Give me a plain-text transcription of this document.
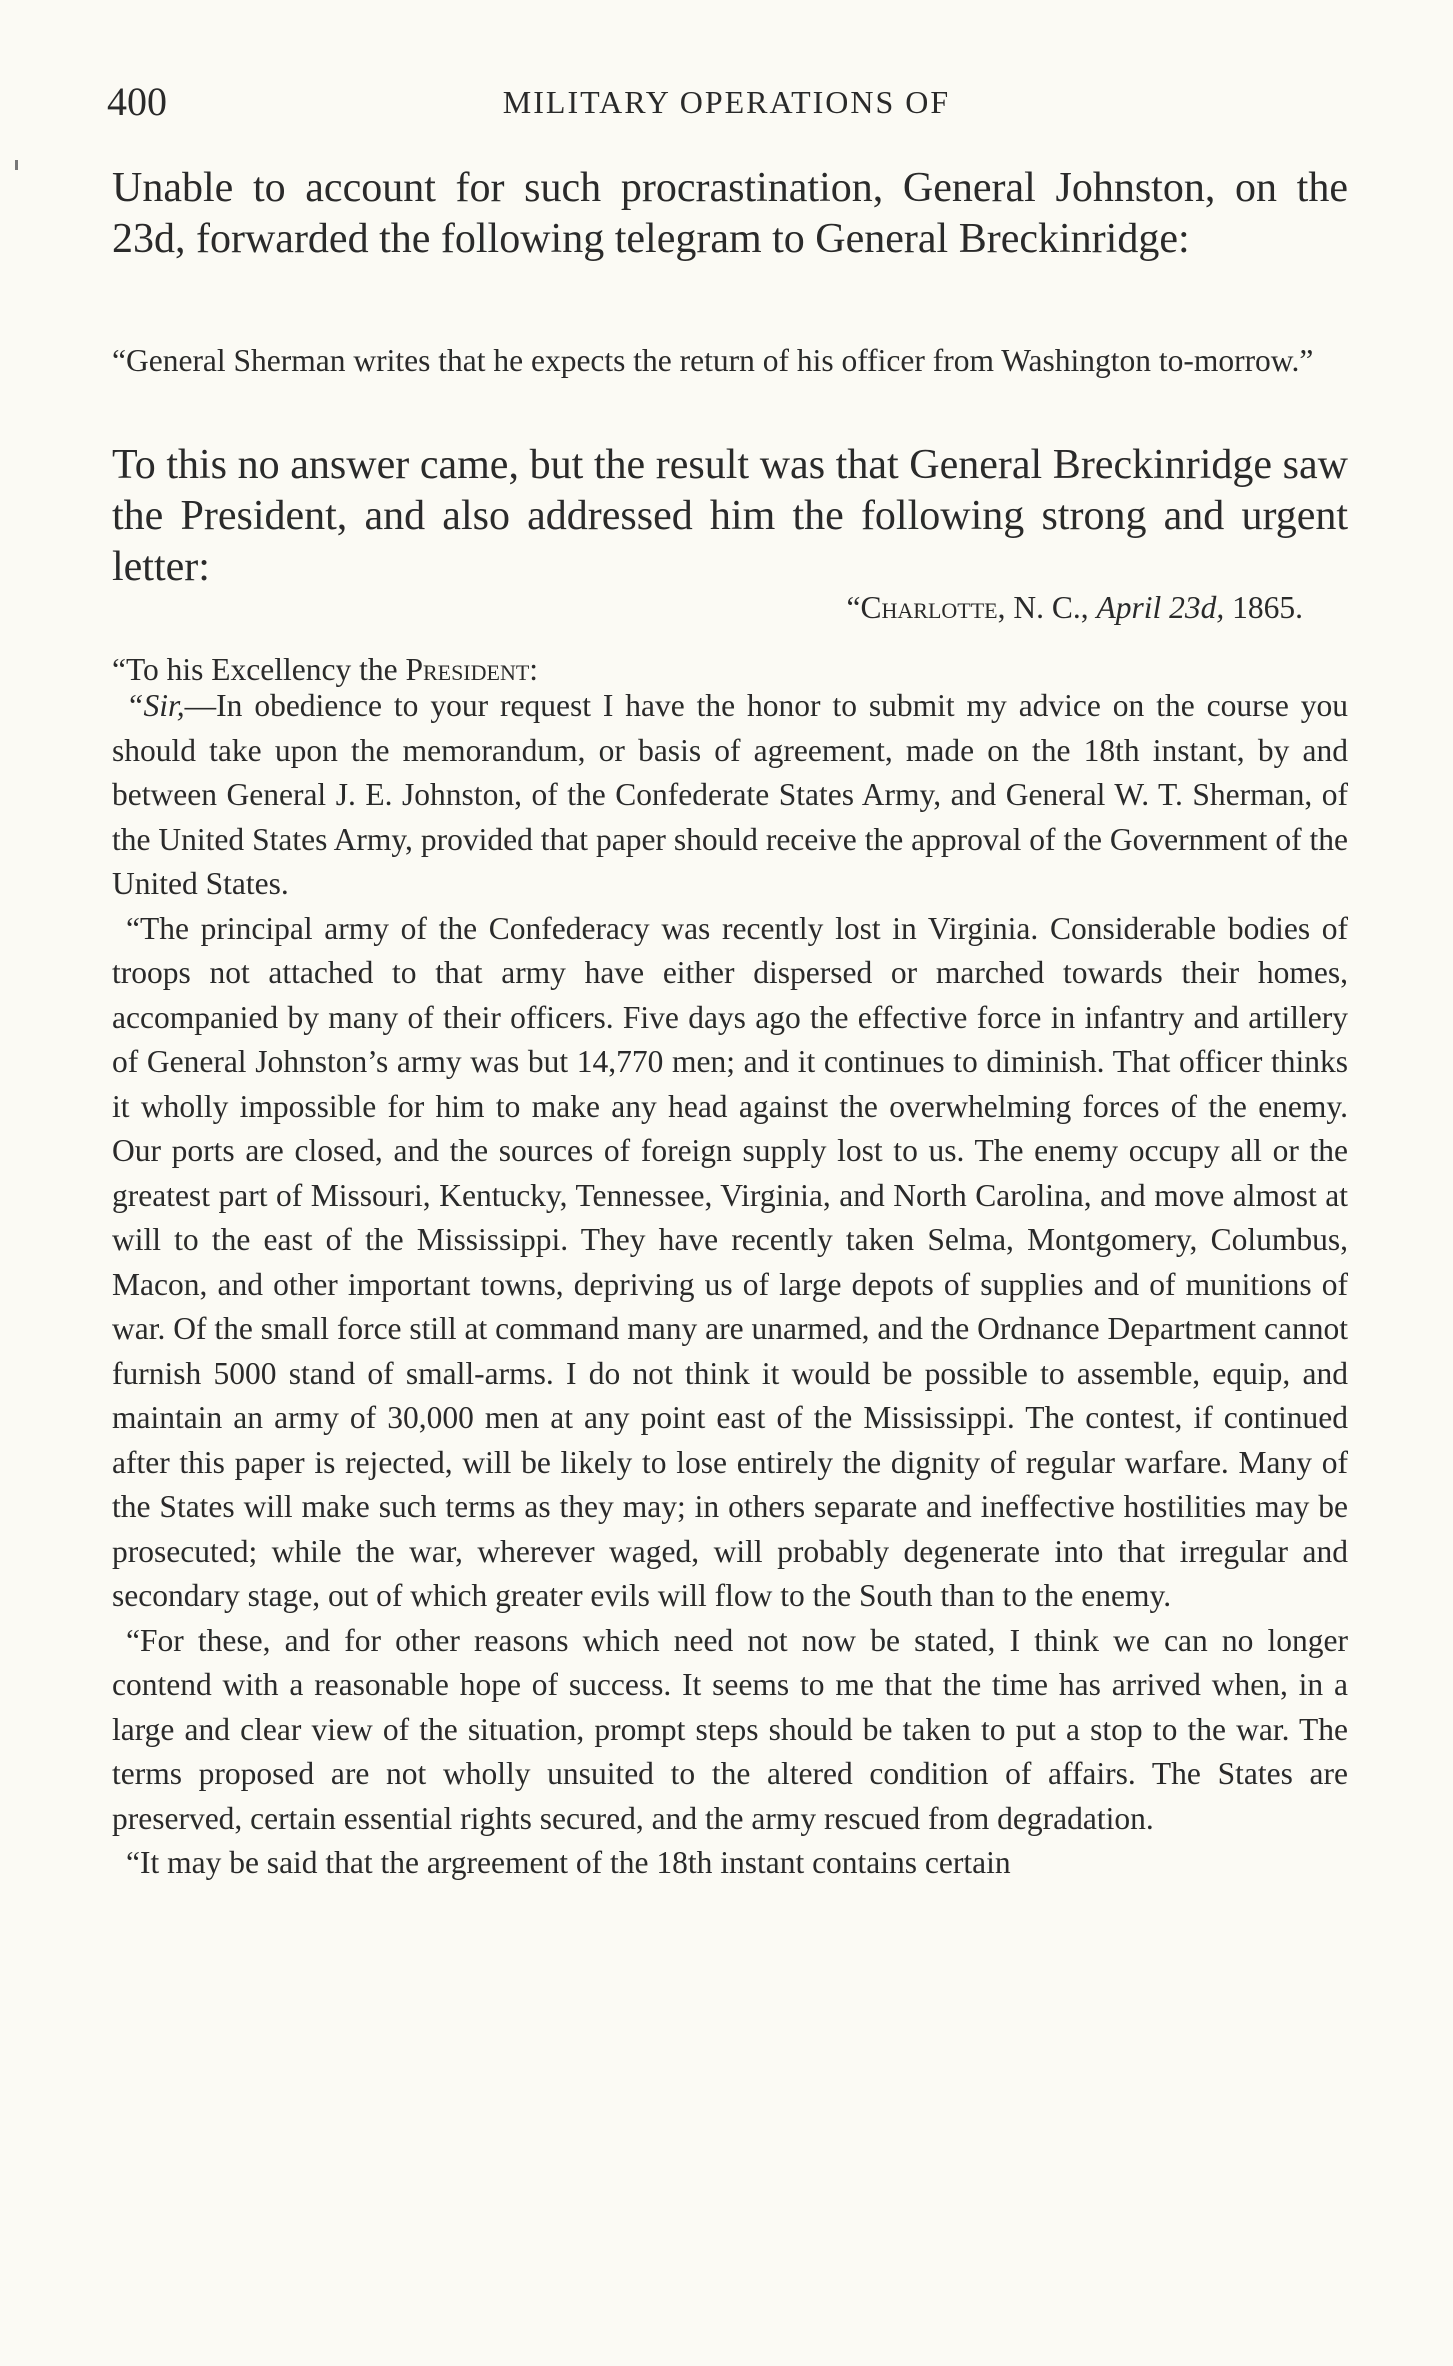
400	MILITARY OPERATIONS OF
Unable to account for such procrastination, General Johnston, on the 23d, forwarded the following telegram to General Breckinridge:
“General Sherman writes that he expects the return of his officer from Washington to-morrow.”
To this no answer came, but the result was that General Breckinridge saw the President, and also addressed him the following strong and urgent letter:
“Charlotte, N. C., April 23d, 1865.
“To his Excellency the President:

“Sir,—In obedience to your request I have the honor to submit my advice on the course you should take upon the memorandum, or basis of agreement, made on the 18th instant, by and between General J. E. Johnston, of the Confederate States Army, and General W. T. Sherman, of the United States Army, provided that paper should receive the approval of the Government of the United States.

“The principal army of the Confederacy was recently lost in Virginia. Considerable bodies of troops not attached to that army have either dispersed or marched towards their homes, accompanied by many of their officers. Five days ago the effective force in infantry and artillery of General Johnston’s army was but 14,770 men; and it continues to diminish. That officer thinks it wholly impossible for him to make any head against the overwhelming forces of the enemy. Our ports are closed, and the sources of foreign supply lost to us. The enemy occupy all or the greatest part of Missouri, Kentucky, Tennessee, Virginia, and North Carolina, and move almost at will to the east of the Mississippi. They have recently taken Selma, Montgomery, Columbus, Macon, and other important towns, depriving us of large depots of supplies and of munitions of war. Of the small force still at command many are unarmed, and the Ordnance Department cannot furnish 5000 stand of small-arms. I do not think it would be possible to assemble, equip, and maintain an army of 30,000 men at any point east of the Mississippi. The contest, if continued after this paper is rejected, will be likely to lose entirely the dignity of regular warfare. Many of the States will make such terms as they may; in others separate and ineffective hostilities may be prosecuted; while the war, wherever waged, will probably degenerate into that irregular and secondary stage, out of which greater evils will flow to the South than to the enemy.

“For these, and for other reasons which need not now be stated, I think we can no longer contend with a reasonable hope of success. It seems to me that the time has arrived when, in a large and clear view of the situation, prompt steps should be taken to put a stop to the war. The terms proposed are not wholly unsuited to the altered condition of affairs. The States are preserved, certain essential rights secured, and the army rescued from degradation.

“It may be said that the argreement of the 18th instant contains certain
